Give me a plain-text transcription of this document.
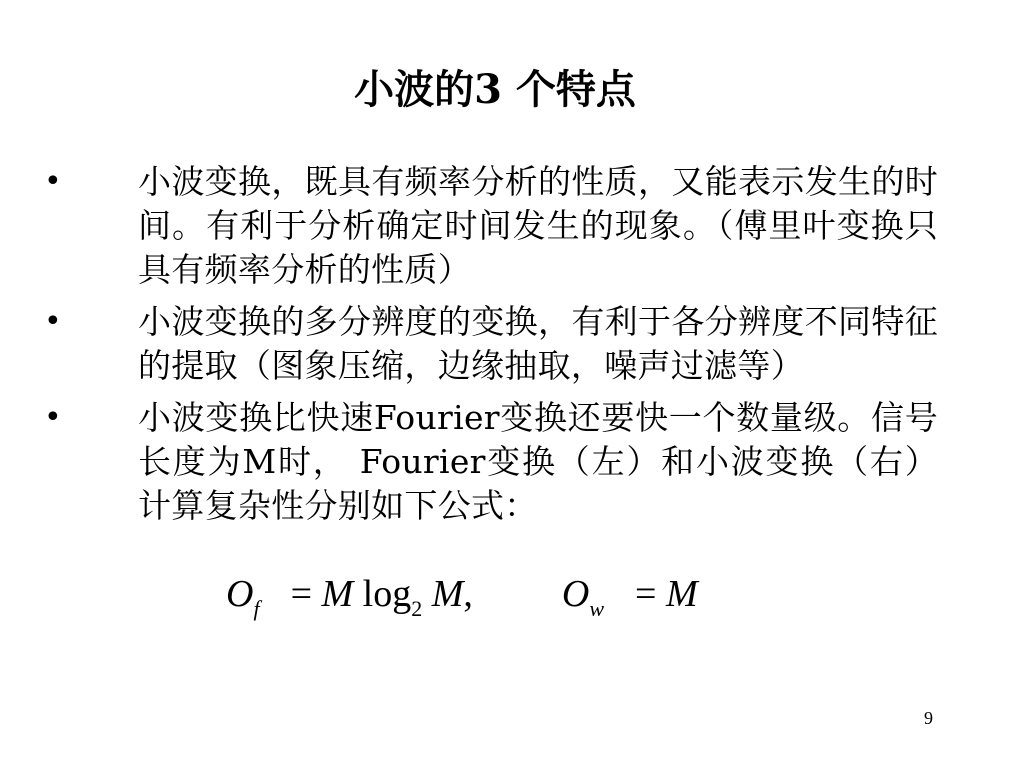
小波的3 个特点
• 小波变换，既具有频率分析的性质，又能表示发生的时间。有利于分析确定时间发生的现象。（傅里叶变换只具有频率分析的性质）
• 小波变换的多分辨度的变换，有利于各分辨度不同特征的提取（图象压缩，边缘抽取，噪声过滤等）
• 小波变换比快速Fourier变换还要快一个数量级。信号长度为M时， Fourier变换（左）和小波变换（右）计算复杂性分别如下公式：
$O_f = M$ $\log_2 M$, $O_w = M$
9
